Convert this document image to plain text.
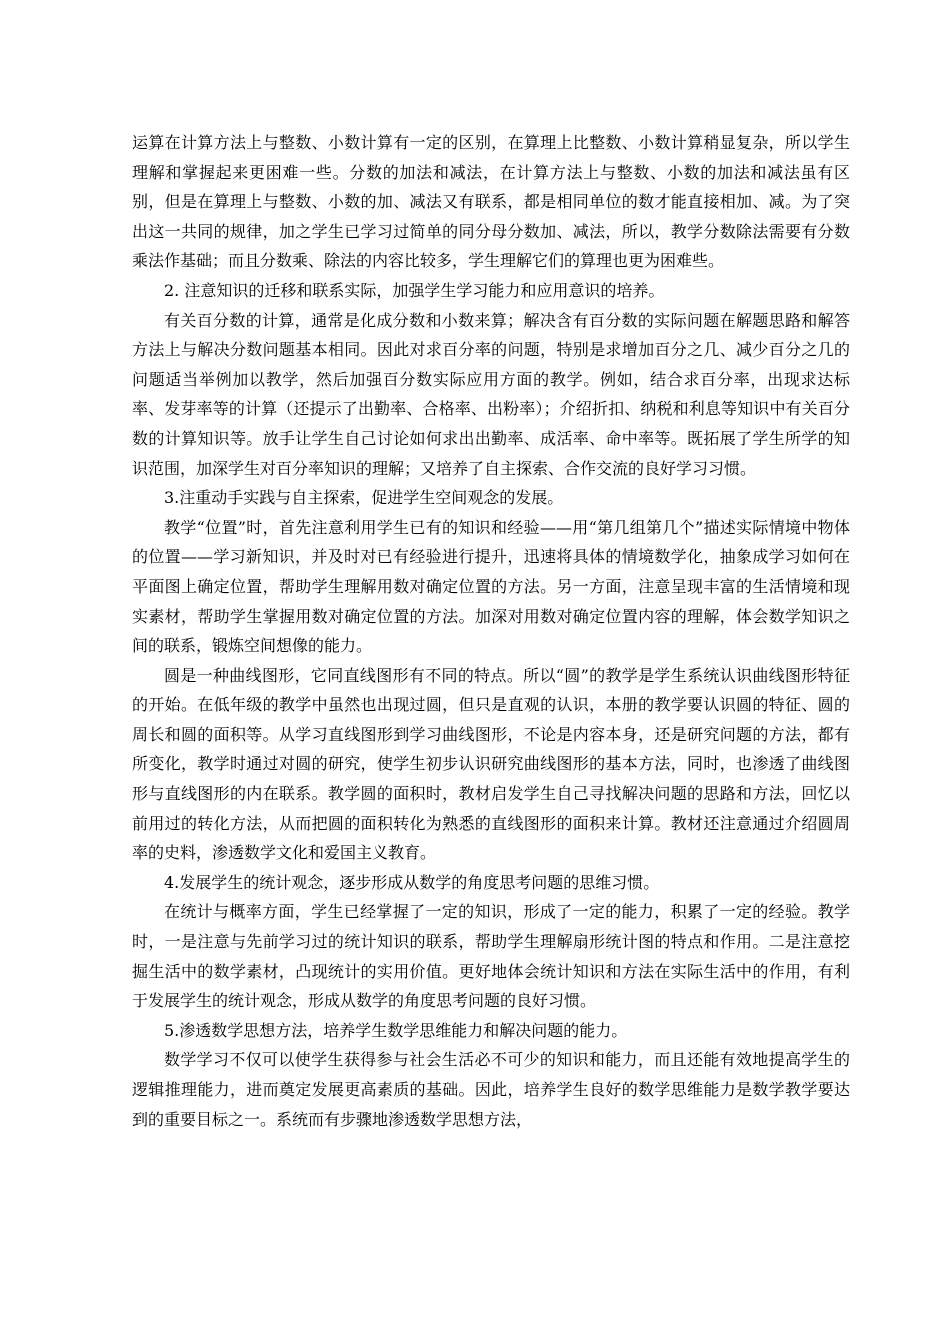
运算在计算方法上与整数、小数计算有一定的区别，在算理上比整数、小数计算稍显复杂，所以学生理解和掌握起来更困难一些。分数的加法和减法，在计算方法上与整数、小数的加法和减法虽有区别，但是在算理上与整数、小数的加、减法又有联系，都是相同单位的数才能直接相加、减。为了突出这一共同的规律，加之学生已学习过简单的同分母分数加、减法，所以，教学分数除法需要有分数乘法作基础；而且分数乘、除法的内容比较多，学生理解它们的算理也更为困难些。

2. 注意知识的迁移和联系实际，加强学生学习能力和应用意识的培养。

有关百分数的计算，通常是化成分数和小数来算；解决含有百分数的实际问题在解题思路和解答方法上与解决分数问题基本相同。因此对求百分率的问题，特别是求增加百分之几、减少百分之几的问题适当举例加以教学，然后加强百分数实际应用方面的教学。例如，结合求百分率，出现求达标率、发芽率等的计算（还提示了出勤率、合格率、出粉率）；介绍折扣、纳税和利息等知识中有关百分数的计算知识等。放手让学生自己讨论如何求出出勤率、成活率、命中率等。既拓展了学生所学的知识范围，加深学生对百分率知识的理解；又培养了自主探索、合作交流的良好学习习惯。

3.注重动手实践与自主探索，促进学生空间观念的发展。

教学“位置”时，首先注意利用学生已有的知识和经验——用“第几组第几个”描述实际情境中物体的位置——学习新知识，并及时对已有经验进行提升，迅速将具体的情境数学化，抽象成学习如何在平面图上确定位置，帮助学生理解用数对确定位置的方法。另一方面，注意呈现丰富的生活情境和现实素材，帮助学生掌握用数对确定位置的方法。加深对用数对确定位置内容的理解，体会数学知识之间的联系，锻炼空间想像的能力。

圆是一种曲线图形，它同直线图形有不同的特点。所以“圆”的教学是学生系统认识曲线图形特征的开始。在低年级的教学中虽然也出现过圆，但只是直观的认识，本册的教学要认识圆的特征、圆的周长和圆的面积等。从学习直线图形到学习曲线图形，不论是内容本身，还是研究问题的方法，都有所变化，教学时通过对圆的研究，使学生初步认识研究曲线图形的基本方法，同时，也渗透了曲线图形与直线图形的内在联系。教学圆的面积时，教材启发学生自己寻找解决问题的思路和方法，回忆以前用过的转化方法，从而把圆的面积转化为熟悉的直线图形的面积来计算。教材还注意通过介绍圆周率的史料，渗透数学文化和爱国主义教育。

4.发展学生的统计观念，逐步形成从数学的角度思考问题的思维习惯。

在统计与概率方面，学生已经掌握了一定的知识，形成了一定的能力，积累了一定的经验。教学时，一是注意与先前学习过的统计知识的联系，帮助学生理解扇形统计图的特点和作用。二是注意挖掘生活中的数学素材，凸现统计的实用价值。更好地体会统计知识和方法在实际生活中的作用，有利于发展学生的统计观念，形成从数学的角度思考问题的良好习惯。

5.渗透数学思想方法，培养学生数学思维能力和解决问题的能力。

数学学习不仅可以使学生获得参与社会生活必不可少的知识和能力，而且还能有效地提高学生的逻辑推理能力，进而奠定发展更高素质的基础。因此，培养学生良好的数学思维能力是数学教学要达到的重要目标之一。系统而有步骤地渗透数学思想方法，
